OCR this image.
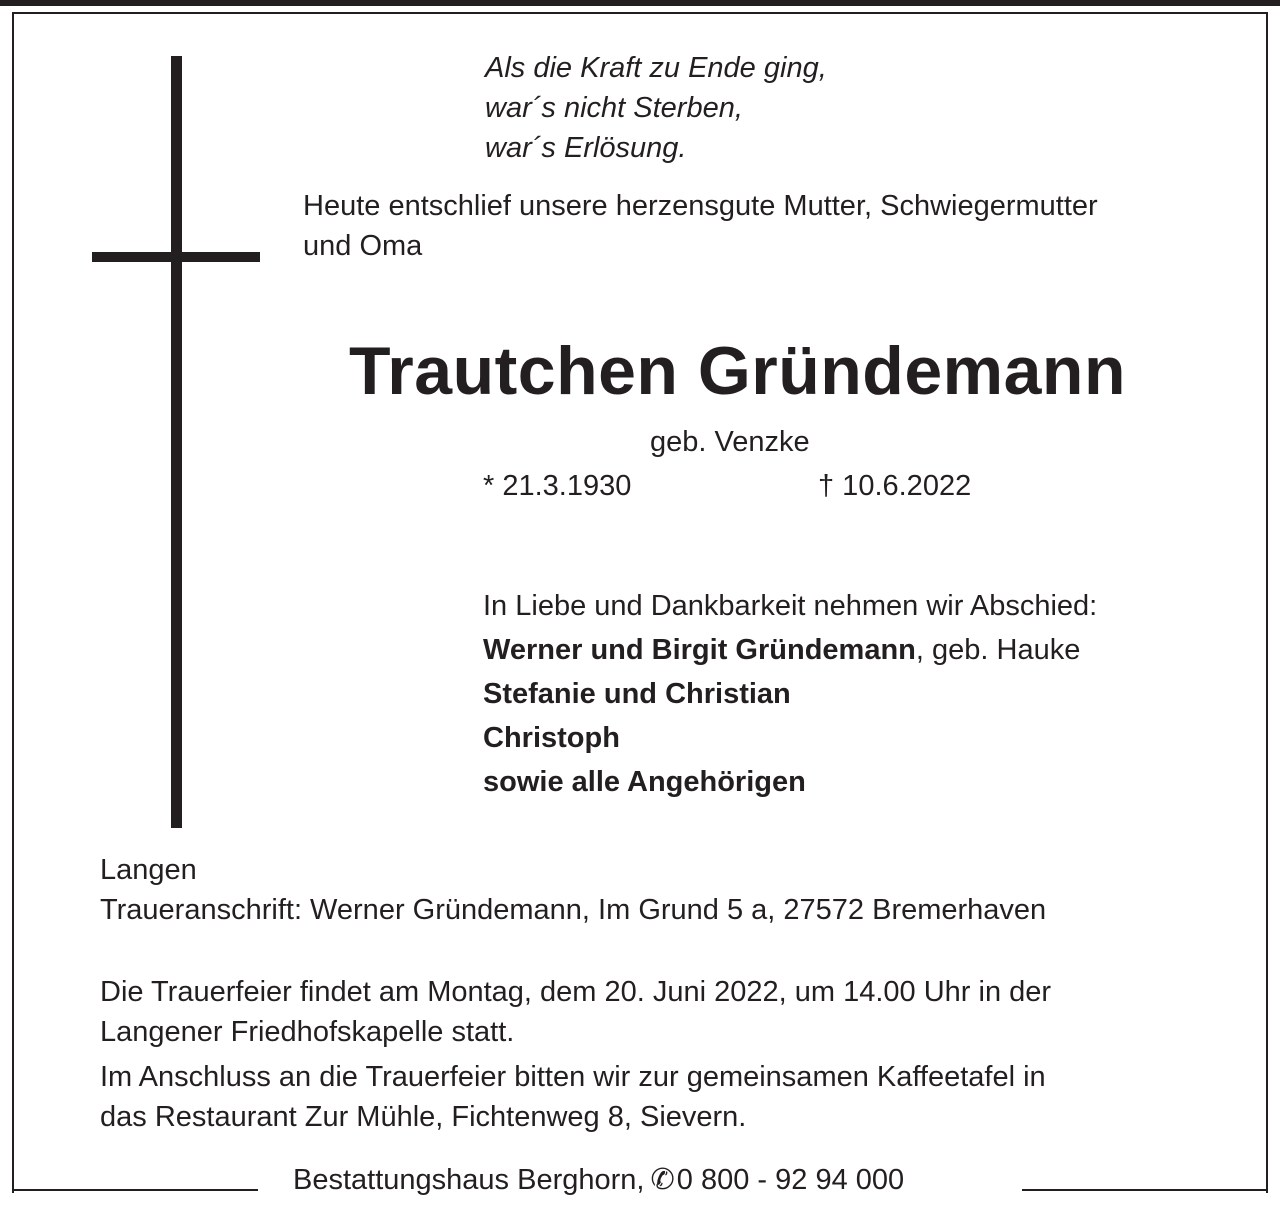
Als die Kraft zu Ende ging,
war´s nicht Sterben,
war´s Erlösung.
Heute entschlief unsere herzensgute Mutter, Schwiegermutter
und Oma
Trautchen Gründemann
geb. Venzke
* 21.3.1930	† 10.6.2022
In Liebe und Dankbarkeit nehmen wir Abschied:
Werner und Birgit Gründemann, geb. Hauke
Stefanie und Christian
Christoph
sowie alle Angehörigen
Langen
Traueranschrift: Werner Gründemann, Im Grund 5 a, 27572 Bremerhaven
Die Trauerfeier findet am Montag, dem 20. Juni 2022, um 14.00 Uhr in der
Langener Friedhofskapelle statt.
Im Anschluss an die Trauerfeier bitten wir zur gemeinsamen Kaffeetafel in
das Restaurant Zur Mühle, Fichtenweg 8, Sievern.
Bestattungshaus Berghorn, ✆0 800 - 92 94 000
